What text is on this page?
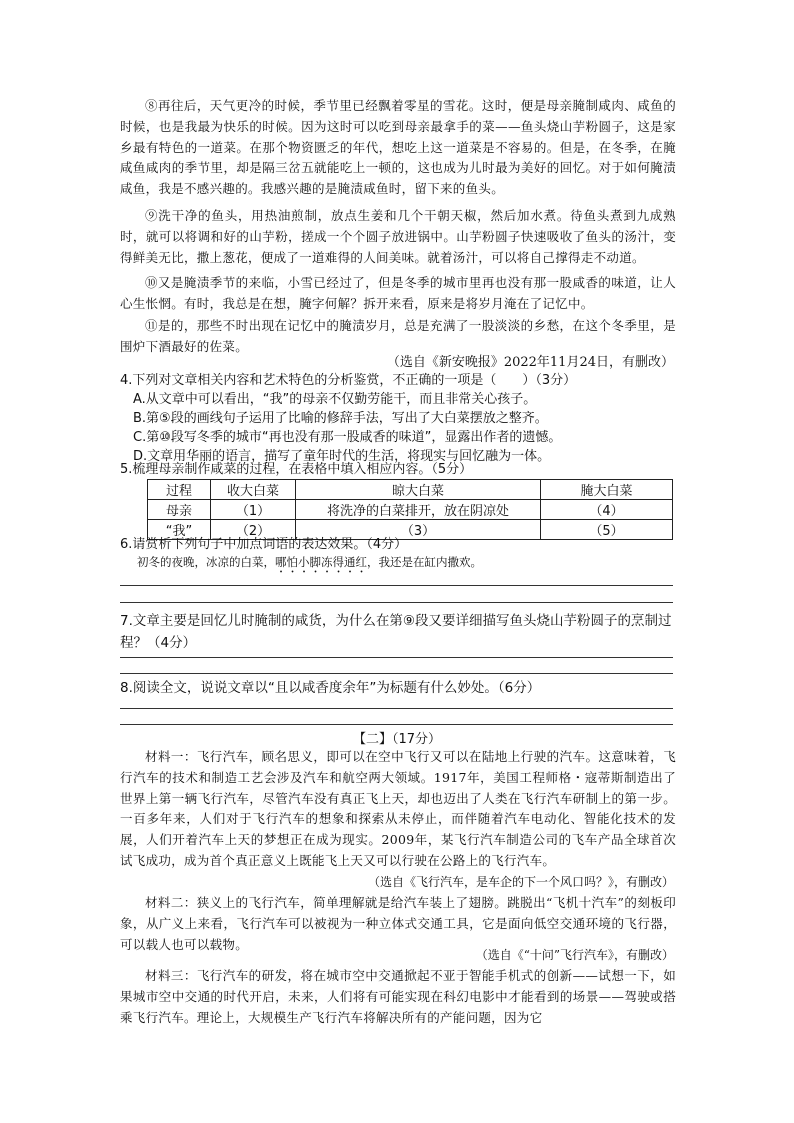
⑧再往后，天气更冷的时候，季节里已经飘着零星的雪花。这时，便是母亲腌制咸肉、咸鱼的时候，也是我最为快乐的时候。因为这时可以吃到母亲最拿手的菜——鱼头烧山芋粉圆子，这是家乡最有特色的一道菜。在那个物资匮乏的年代，想吃上这一道菜是不容易的。但是，在冬季，在腌咸鱼咸肉的季节里，却是隔三岔五就能吃上一顿的，这也成为儿时最为美好的回忆。对于如何腌渍咸鱼，我是不感兴趣的。我感兴趣的是腌渍咸鱼时，留下来的鱼头。
⑨洗干净的鱼头，用热油煎制，放点生姜和几个干朝天椒，然后加水煮。待鱼头煮到九成熟时，就可以将调和好的山芋粉，搓成一个个圆子放进锅中。山芋粉圆子快速吸收了鱼头的汤汁，变得鲜美无比，撒上葱花，便成了一道难得的人间美味。就着汤汁，可以将自己撑得走不动道。
⑩又是腌渍季节的来临，小雪已经过了，但是冬季的城市里再也没有那一股咸香的味道，让人心生怅惘。有时，我总是在想，腌字何解？拆开来看，原来是将岁月淹在了记忆中。
⑪是的，那些不时出现在记忆中的腌渍岁月，总是充满了一股淡淡的乡愁，在这个冬季里，是围炉下酒最好的佐菜。
（选自《新安晚报》2022年11月24日，有删改）
4.下列对文章相关内容和艺术特色的分析鉴赏，不正确的一项是（　　）（3分）
A.从文章中可以看出，“我”的母亲不仅勤劳能干，而且非常关心孩子。
B.第⑤段的画线句子运用了比喻的修辞手法，写出了大白菜摆放之整齐。
C.第⑩段写冬季的城市“再也没有那一股咸香的味道”，显露出作者的遗憾。
D.文章用华丽的语言，描写了童年时代的生活，将现实与回忆融为一体。
5.梳理母亲制作咸菜的过程，在表格中填入相应内容。（5分）
过程	收大白菜	晾大白菜	腌大白菜
母亲	（1）	将洗净的白菜排开，放在阴凉处	（4）
“我”	（2）	（3）	（5）
6.请赏析下列句子中加点词语的表达效果。（4分）
初冬的夜晚，冰凉的白菜，哪怕小脚冻得通红，我还是在缸内撒欢。
7.文章主要是回忆儿时腌制的咸货，为什么在第⑨段又要详细描写鱼头烧山芋粉圆子的烹制过程？（4分）
8.阅读全文，说说文章以“且以咸香度余年”为标题有什么妙处。（6分）
【二】（17分）
材料一：飞行汽车，顾名思义，即可以在空中飞行又可以在陆地上行驶的汽车。这意味着，飞行汽车的技术和制造工艺会涉及汽车和航空两大领域。1917年，美国工程师格・寇蒂斯制造出了世界上第一辆飞行汽车，尽管汽车没有真正飞上天，却也迈出了人类在飞行汽车研制上的第一步。一百多年来，人们对于飞行汽车的想象和探索从未停止，而伴随着汽车电动化、智能化技术的发展，人们开着汽车上天的梦想正在成为现实。2009年，某飞行汽车制造公司的飞车产品全球首次试飞成功，成为首个真正意义上既能飞上天又可以行驶在公路上的飞行汽车。
（选自《飞行汽车，是车企的下一个风口吗？》，有删改）
材料二：狭义上的飞行汽车，简单理解就是给汽车装上了翅膀。跳脱出“飞机十汽车”的刻板印象，从广义上来看，飞行汽车可以被视为一种立体式交通工具，它是面向低空交通环境的飞行器，可以载人也可以载物。
（选自《“十问”飞行汽车》，有删改）
材料三：飞行汽车的研发，将在城市空中交通掀起不亚于智能手机式的创新——试想一下，如果城市空中交通的时代开启，未来，人们将有可能实现在科幻电影中才能看到的场景——驾驶或搭乘飞行汽车。理论上，大规模生产飞行汽车将解决所有的产能问题，因为它
